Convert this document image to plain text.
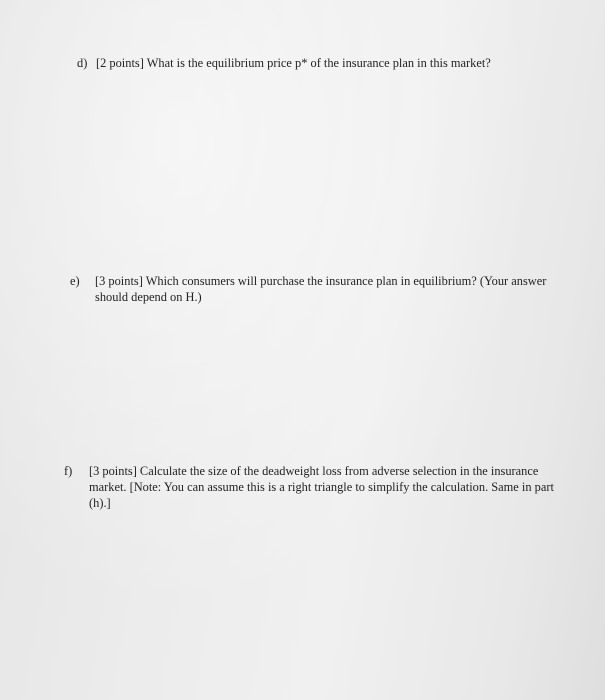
d) [2 points] What is the equilibrium price p* of the insurance plan in this market?
e)	[3 points] Which consumers will purchase the insurance plan in equilibrium? (Your answer should depend on H.)
f)	[3 points] Calculate the size of the deadweight loss from adverse selection in the insurance market. [Note: You can assume this is a right triangle to simplify the calculation. Same in part (h).]
